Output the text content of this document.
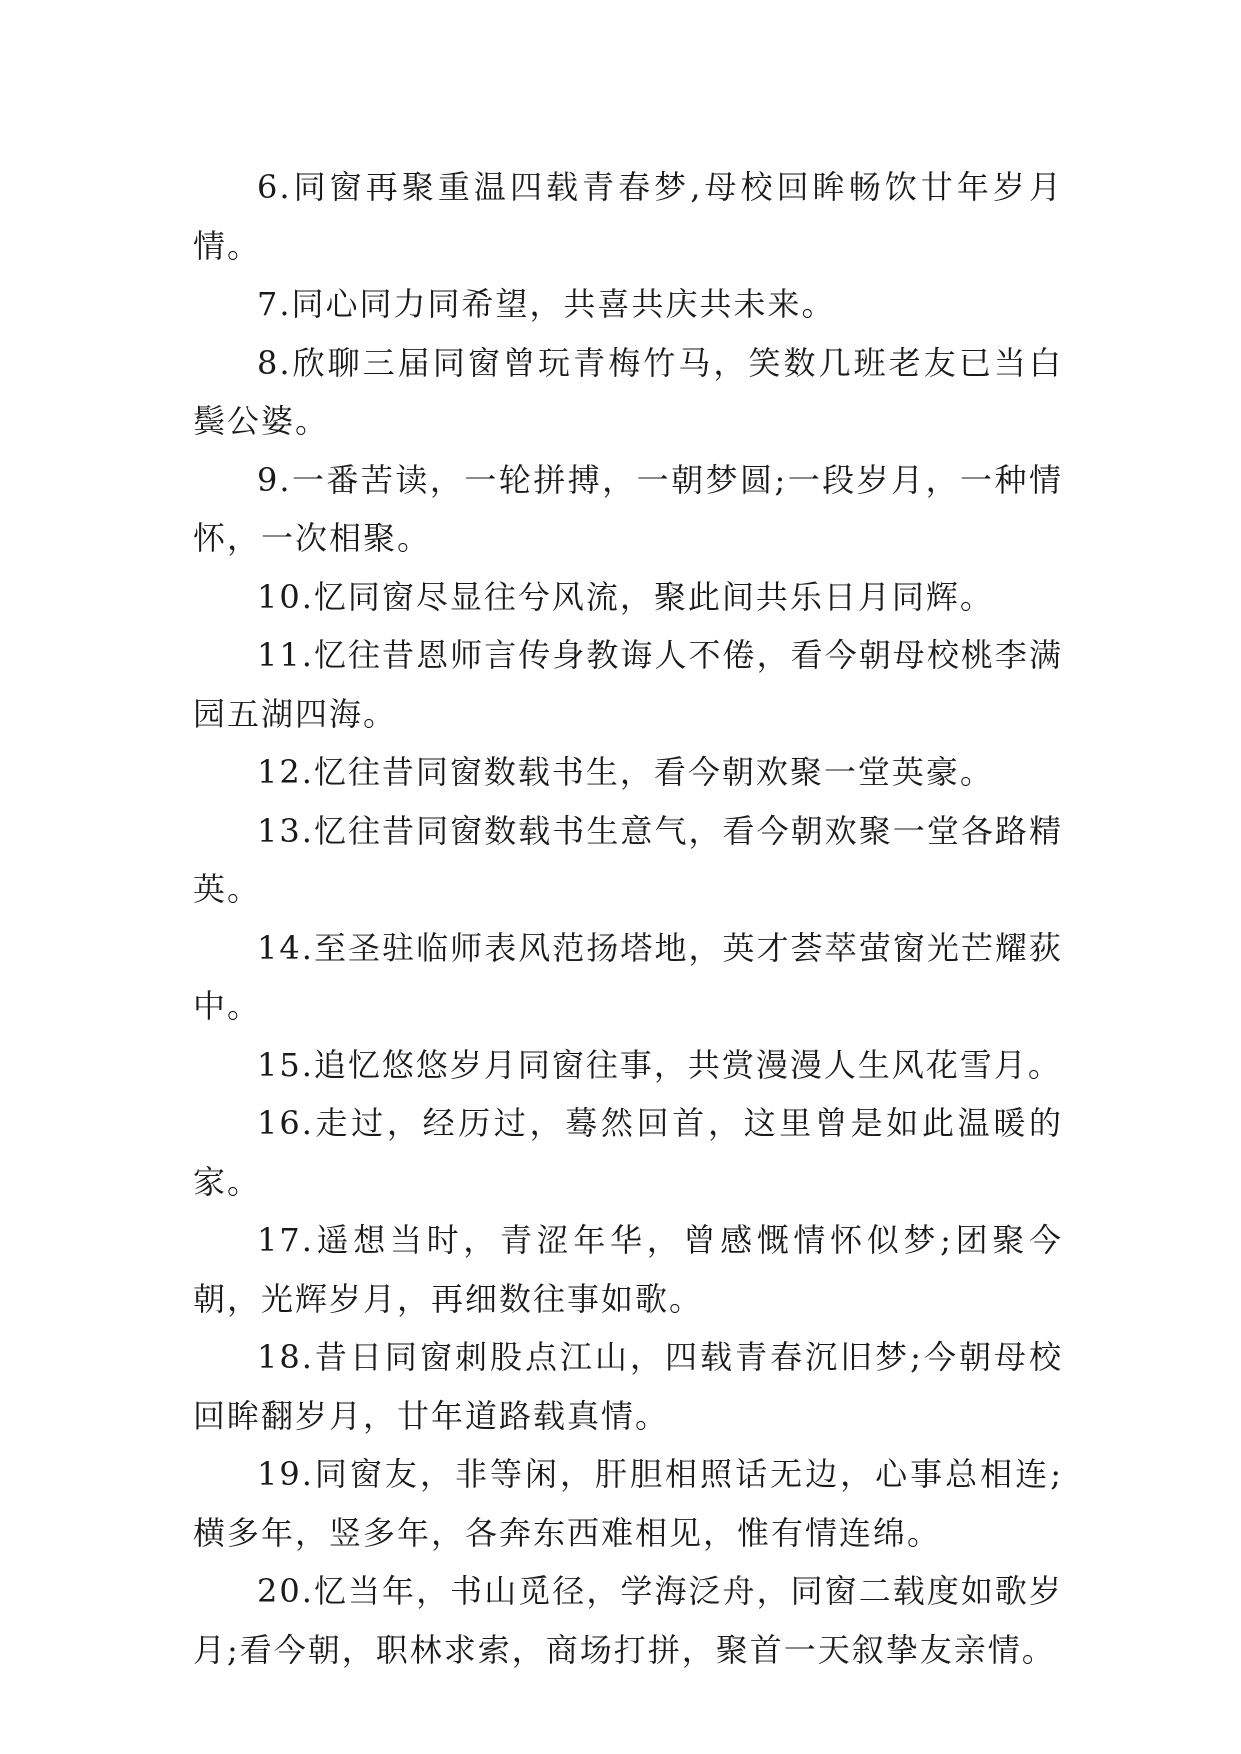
6.同窗再聚重温四载青春梦,母校回眸畅饮廿年岁月情。

7.同心同力同希望，共喜共庆共未来。

8.欣聊三届同窗曾玩青梅竹马，笑数几班老友已当白鬓公婆。

9.一番苦读，一轮拼搏，一朝梦圆;一段岁月，一种情怀，一次相聚。

10.忆同窗尽显往兮风流，聚此间共乐日月同辉。

11.忆往昔恩师言传身教诲人不倦，看今朝母校桃李满园五湖四海。

12.忆往昔同窗数载书生，看今朝欢聚一堂英豪。

13.忆往昔同窗数载书生意气，看今朝欢聚一堂各路精英。

14.至圣驻临师表风范扬塔地，英才荟萃萤窗光芒耀荻中。

15.追忆悠悠岁月同窗往事，共赏漫漫人生风花雪月。

16.走过，经历过，蓦然回首，这里曾是如此温暖的家。

17.遥想当时，青涩年华，曾感慨情怀似梦;团聚今朝，光辉岁月，再细数往事如歌。

18.昔日同窗刺股点江山，四载青春沉旧梦;今朝母校回眸翻岁月，廿年道路载真情。

19.同窗友，非等闲，肝胆相照话无边，心事总相连;横多年，竖多年，各奔东西难相见，惟有情连绵。

20.忆当年，书山觅径，学海泛舟，同窗二载度如歌岁月;看今朝，职林求索，商场打拼，聚首一天叙挚友亲情。
